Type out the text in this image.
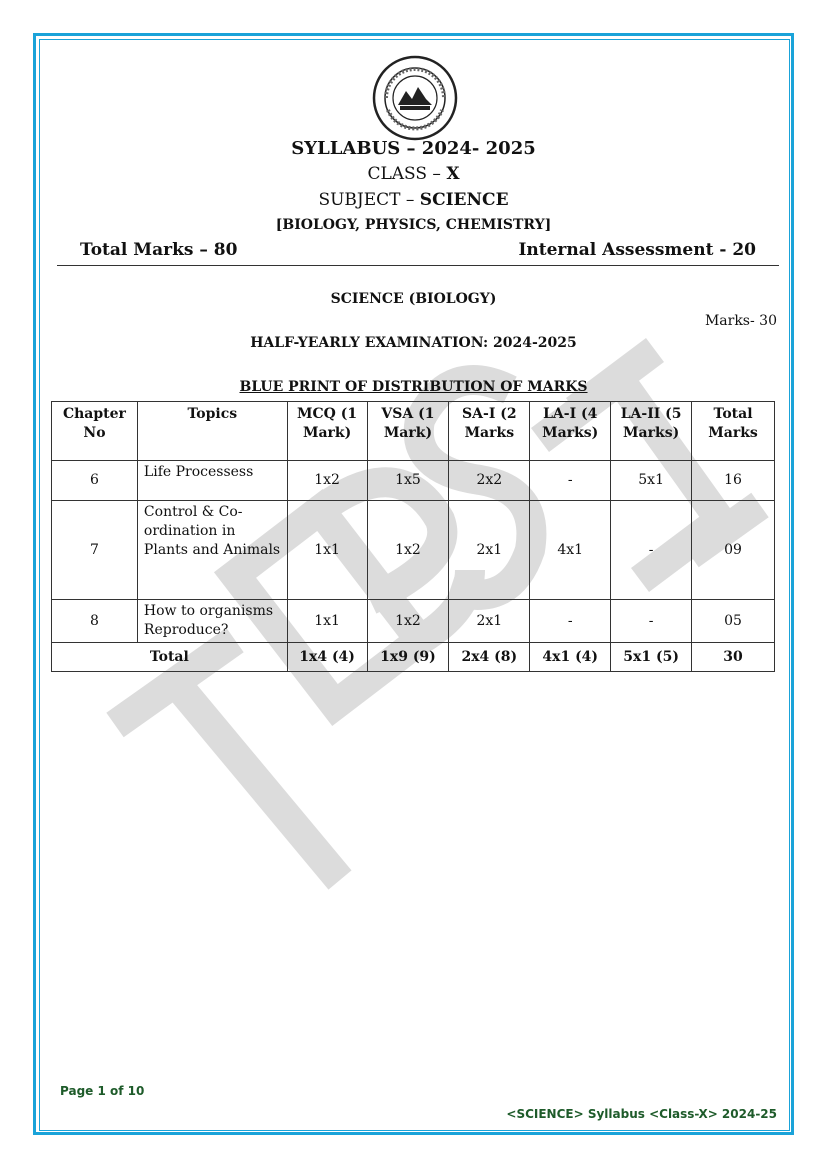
SYLLABUS – 2024- 2025
CLASS – X
SUBJECT – SCIENCE
[BIOLOGY, PHYSICS, CHEMISTRY]
Total Marks – 80	Internal Assessment - 20
SCIENCE (BIOLOGY)
Marks- 30
HALF-YEARLY EXAMINATION: 2024-2025
BLUE PRINT OF DISTRIBUTION OF MARKS
Chapter No	Topics	MCQ (1 Mark)	VSA (1 Mark)	SA-I (2 Marks	LA-I (4 Marks)	LA-II (5 Marks)	Total Marks
6	Life Processess	1x2	1x5	2x2	-	5x1	16
7	Control & Co-ordination in Plants and Animals	1x1	1x2	2x1	4x1	-	09
8	How to organisms Reproduce?	1x1	1x2	2x1	-	-	05
Total		1x4 (4)	1x9 (9)	2x4 (8)	4x1 (4)	5x1 (5)	30
Page 1 of 10
<SCIENCE> Syllabus <Class-X> 2024-25
